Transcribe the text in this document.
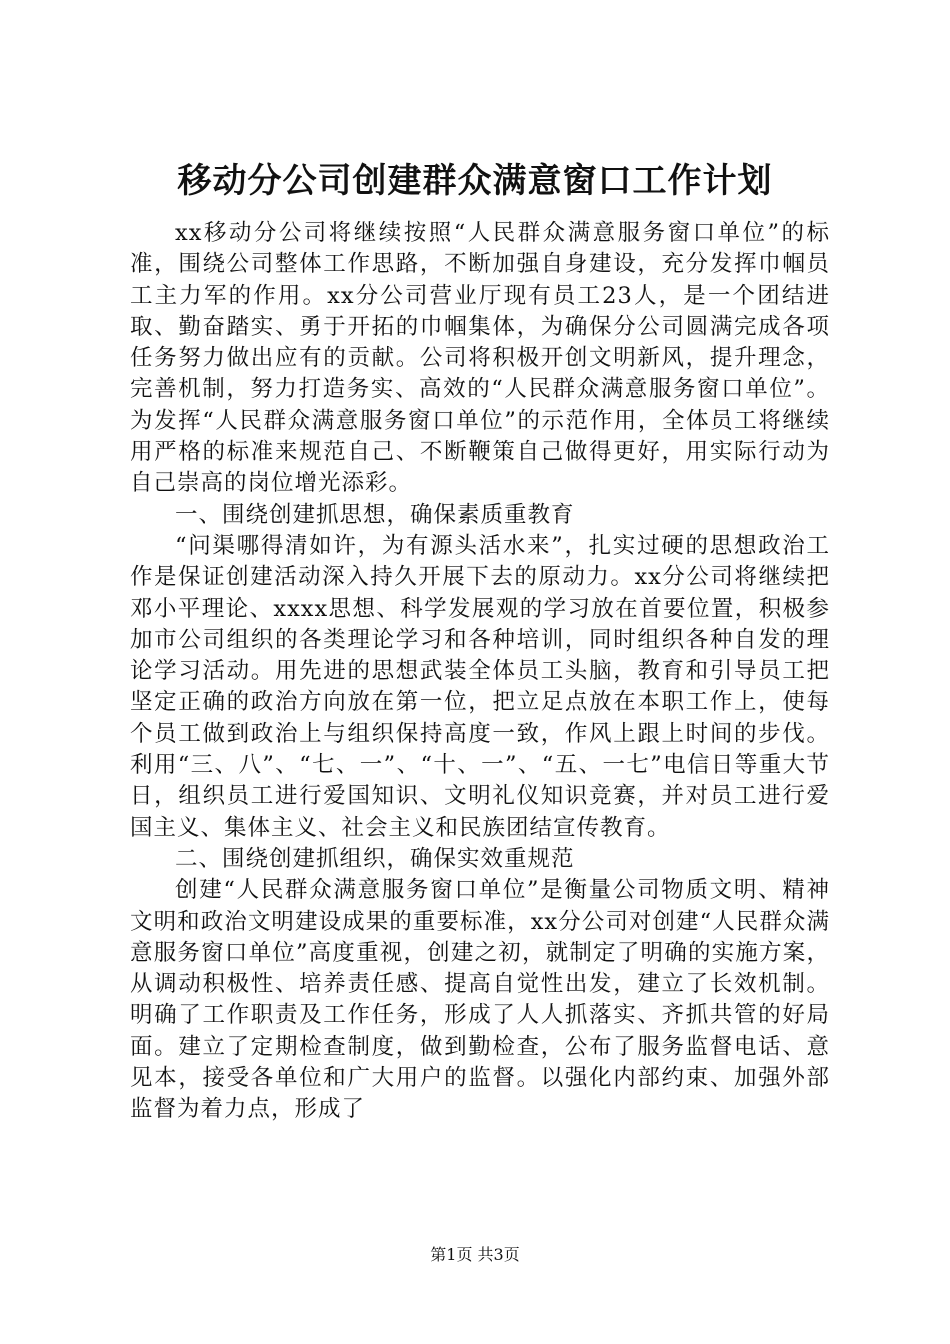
移动分公司创建群众满意窗口工作计划

xx移动分公司将继续按照“人民群众满意服务窗口单位”的标准，围绕公司整体工作思路，不断加强自身建设，充分发挥巾帼员工主力军的作用。xx分公司营业厅现有员工23人，是一个团结进取、勤奋踏实、勇于开拓的巾帼集体，为确保分公司圆满完成各项任务努力做出应有的贡献。公司将积极开创文明新风，提升理念，完善机制，努力打造务实、高效的“人民群众满意服务窗口单位”。为发挥“人民群众满意服务窗口单位”的示范作用，全体员工将继续用严格的标准来规范自己、不断鞭策自己做得更好，用实际行动为自己崇高的岗位增光添彩。

一、围绕创建抓思想，确保素质重教育

“问渠哪得清如许，为有源头活水来”，扎实过硬的思想政治工作是保证创建活动深入持久开展下去的原动力。xx分公司将继续把邓小平理论、xxxx思想、科学发展观的学习放在首要位置，积极参加市公司组织的各类理论学习和各种培训，同时组织各种自发的理论学习活动。用先进的思想武装全体员工头脑，教育和引导员工把坚定正确的政治方向放在第一位，把立足点放在本职工作上，使每个员工做到政治上与组织保持高度一致，作风上跟上时间的步伐。利用“三、八”、“七、一”、“十、一”、“五、一七”电信日等重大节日，组织员工进行爱国知识、文明礼仪知识竞赛，并对员工进行爱国主义、集体主义、社会主义和民族团结宣传教育。

二、围绕创建抓组织，确保实效重规范

创建“人民群众满意服务窗口单位”是衡量公司物质文明、精神文明和政治文明建设成果的重要标准，xx分公司对创建“人民群众满意服务窗口单位”高度重视，创建之初，就制定了明确的实施方案，从调动积极性、培养责任感、提高自觉性出发，建立了长效机制。明确了工作职责及工作任务，形成了人人抓落实、齐抓共管的好局面。建立了定期检查制度，做到勤检查，公布了服务监督电话、意见本，接受各单位和广大用户的监督。以强化内部约束、加强外部监督为着力点，形成了

第1页 共3页
